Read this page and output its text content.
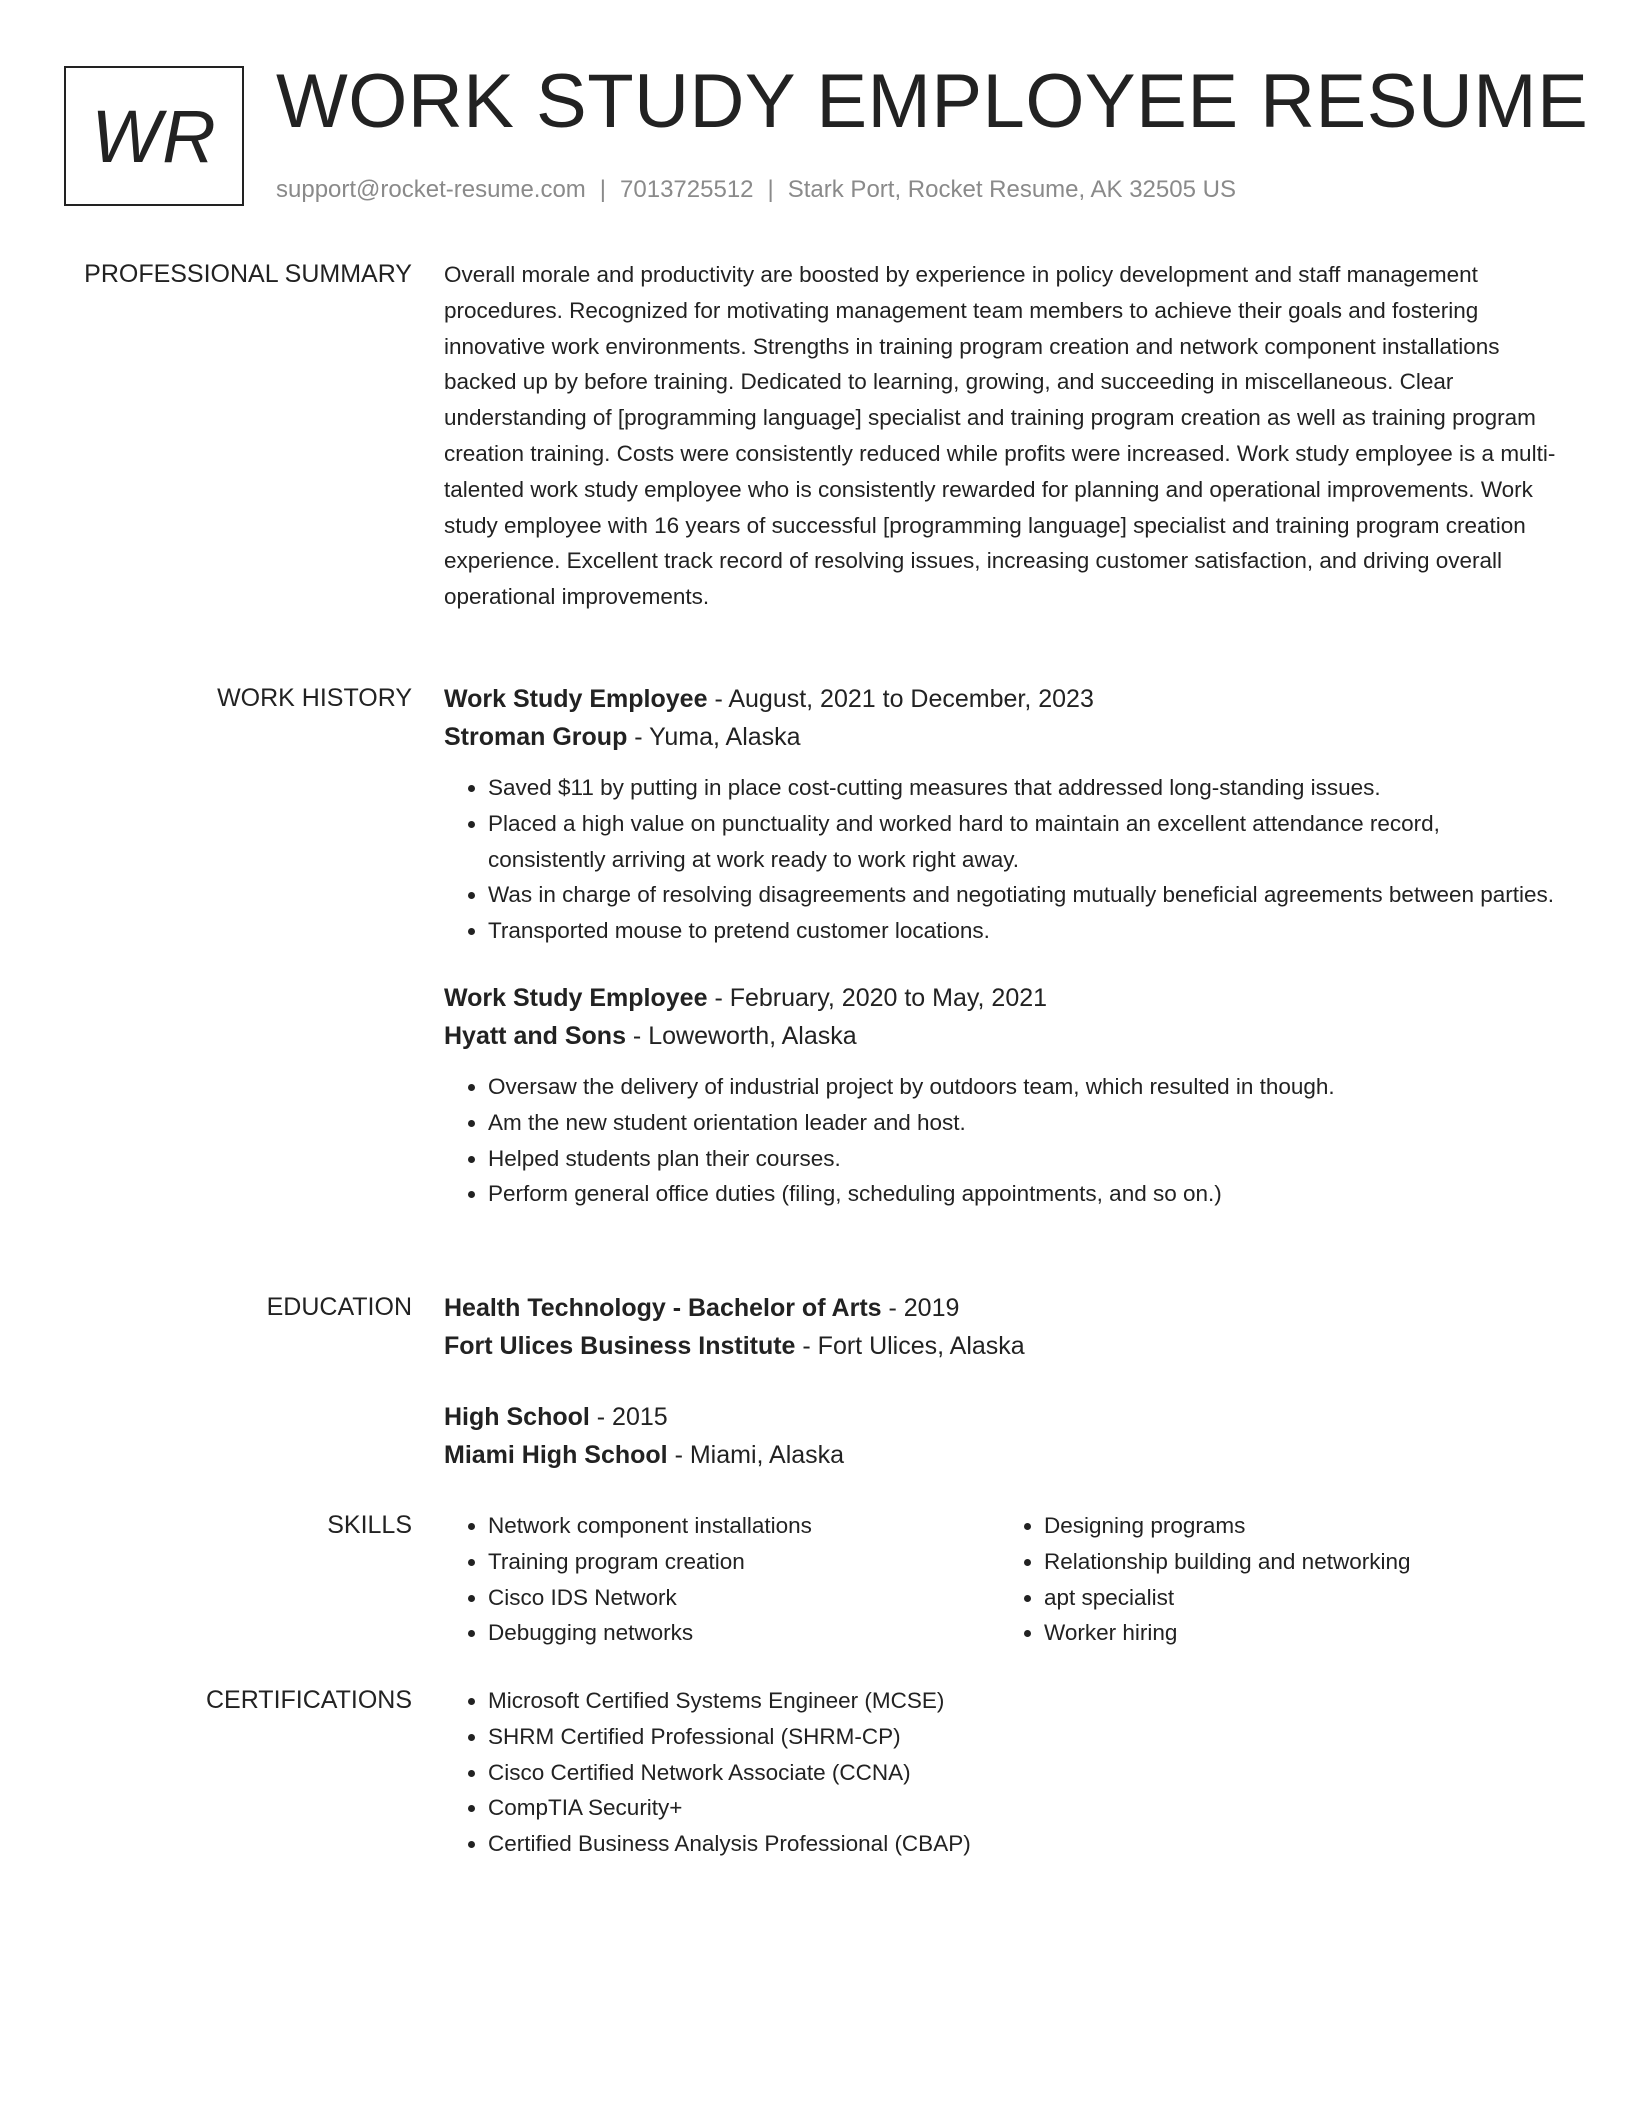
WR WORK STUDY EMPLOYEE RESUME
support@rocket-resume.com | 7013725512 | Stark Port, Rocket Resume, AK 32505 US
PROFESSIONAL SUMMARY Overall morale and productivity are boosted by experience in policy development and staff management procedures. Recognized for motivating management team members to achieve their goals and fostering innovative work environments. Strengths in training program creation and network component installations backed up by before training. Dedicated to learning, growing, and succeeding in miscellaneous. Clear understanding of [programming language] specialist and training program creation as well as training program creation training. Costs were consistently reduced while profits were increased. Work study employee is a multi-talented work study employee who is consistently rewarded for planning and operational improvements. Work study employee with 16 years of successful [programming language] specialist and training program creation experience. Excellent track record of resolving issues, increasing customer satisfaction, and driving overall operational improvements.

WORK HISTORY Work Study Employee - August, 2021 to December, 2023
Stroman Group - Yuma, Alaska
• Saved $11 by putting in place cost-cutting measures that addressed long-standing issues.
• Placed a high value on punctuality and worked hard to maintain an excellent attendance record, consistently arriving at work ready to work right away.
• Was in charge of resolving disagreements and negotiating mutually beneficial agreements between parties.
• Transported mouse to pretend customer locations.
Work Study Employee - February, 2020 to May, 2021
Hyatt and Sons - Loweworth, Alaska
• Oversaw the delivery of industrial project by outdoors team, which resulted in though.
• Am the new student orientation leader and host.
• Helped students plan their courses.
• Perform general office duties (filing, scheduling appointments, and so on.)
EDUCATION Health Technology - Bachelor of Arts - 2019
Fort Ulices Business Institute - Fort Ulices, Alaska
High School - 2015
Miami High School - Miami, Alaska
SKILLS	• Network component installations
• Training program creation
• Cisco IDS Network
• Debugging networks
• Designing programs
• Relationship building and networking
• apt specialist
• Worker hiring
CERTIFICATIONS	• Microsoft Certified Systems Engineer (MCSE)
• SHRM Certified Professional (SHRM-CP)
• Cisco Certified Network Associate (CCNA)
• CompTIA Security+
• Certified Business Analysis Professional (CBAP)
